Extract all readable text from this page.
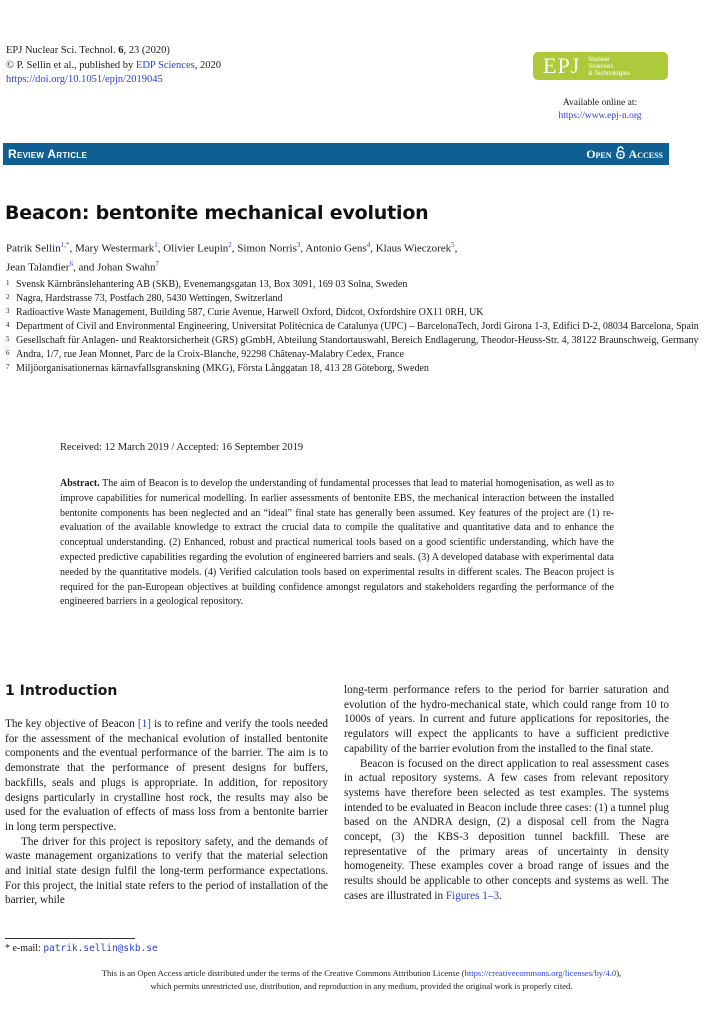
EPJ Nuclear Sci. Technol. 6, 23 (2020)
© P. Sellin et al., published by EDP Sciences, 2020
https://doi.org/10.1051/epjn/2019045
EPJ Nuclear
Sciences
& Technologies
Available online at:
https://www.epj-n.org
Review Article	Open Access
Beacon: bentonite mechanical evolution
Patrik Sellin$^{1,*}$, Mary Westermark$^1$, Olivier Leupin$^2$, Simon Norris$^3$, Antonio Gens$^4$, Klaus Wieczorek$^5$,
Jean Talandier$^6$, and Johan Swahn$^7$
1 Svensk Kärnbränslehantering AB (SKB), Evenemangsgatan 13, Box 3091, 169 03 Solna, Sweden
2 Nagra, Hardstrasse 73, Postfach 280, 5430 Wettingen, Switzerland
3 Radioactive Waste Management, Building 587, Curie Avenue, Harwell Oxford, Didcot, Oxfordshire OX11 0RH, UK
4 Department of Civil and Environmental Engineering, Universitat Politècnica de Catalunya (UPC) – BarcelonaTech, Jordi Girona 1-3, Edifici D-2, 08034 Barcelona, Spain
5 Gesellschaft für Anlagen- und Reaktorsicherheit (GRS) gGmbH, Abteilung Standortauswahl, Bereich Endlagerung, Theodor-Heuss-Str. 4, 38122 Braunschweig, Germany
6 Andra, 1/7, rue Jean Monnet, Parc de la Croix-Blanche, 92298 Châtenay-Malabry Cedex, France
7 Miljöorganisationernas kärnavfallsgranskning (MKG), Första Långgatan 18, 413 28 Göteborg, Sweden
Received: 12 March 2019 / Accepted: 16 September 2019
Abstract. The aim of Beacon is to develop the understanding of fundamental processes that lead to material homogenisation, as well as to improve capabilities for numerical modelling. In earlier assessments of bentonite EBS, the mechanical interaction between the installed bentonite components has been neglected and an “ideal” final state has generally been assumed. Key features of the project are (1) re-evaluation of the available knowledge to extract the crucial data to compile the qualitative and quantitative data and to enhance the conceptual understanding. (2) Enhanced, robust and practical numerical tools based on a good scientific understanding, which have the expected predictive capabilities regarding the evolution of engineered barriers and seals. (3) A developed database with experimental data needed by the quantitative models. (4) Verified calculation tools based on experimental results in different scales. The Beacon project is required for the pan-European objectives at building confidence amongst regulators and stakeholders regarding the performance of the engineered barriers in a geological repository.
1 Introduction

The key objective of Beacon [1] is to refine and verify the tools needed for the assessment of the mechanical evolution of installed bentonite components and the eventual performance of the barrier. The aim is to demonstrate that the performance of present designs for buffers, backfills, seals and plugs is appropriate. In addition, for repository designs particularly in crystalline host rock, the results may also be used for the evaluation of effects of mass loss from a bentonite barrier in long term perspective.

The driver for this project is repository safety, and the demands of waste management organizations to verify that the material selection and initial state design fulfil the long-term performance expectations. For this project, the initial state refers to the period of installation of the barrier, while

long-term performance refers to the period for barrier saturation and evolution of the hydro-mechanical state, which could range from 10 to 1000s of years. In current and future applications for repositories, the regulators will expect the applicants to have a sufficient predictive capability of the barrier evolution from the installed to the final state.

Beacon is focused on the direct application to real assessment cases in actual repository systems. A few cases from relevant repository systems have therefore been selected as test examples. The systems intended to be evaluated in Beacon include three cases: (1) a tunnel plug based on the ANDRA design, (2) a disposal cell from the Nagra concept, (3) the KBS-3 deposition tunnel backfill. These are representative of the primary areas of uncertainty in density homogeneity. These examples cover a broad range of issues and the results should be applicable to other concepts and systems as well. The cases are illustrated in Figures 1–3.

* e-mail: patrik.sellin@skb.se
This is an Open Access article distributed under the terms of the Creative Commons Attribution License (https://creativecommons.org/licenses/by/4.0),
which permits unrestricted use, distribution, and reproduction in any medium, provided the original work is properly cited.
